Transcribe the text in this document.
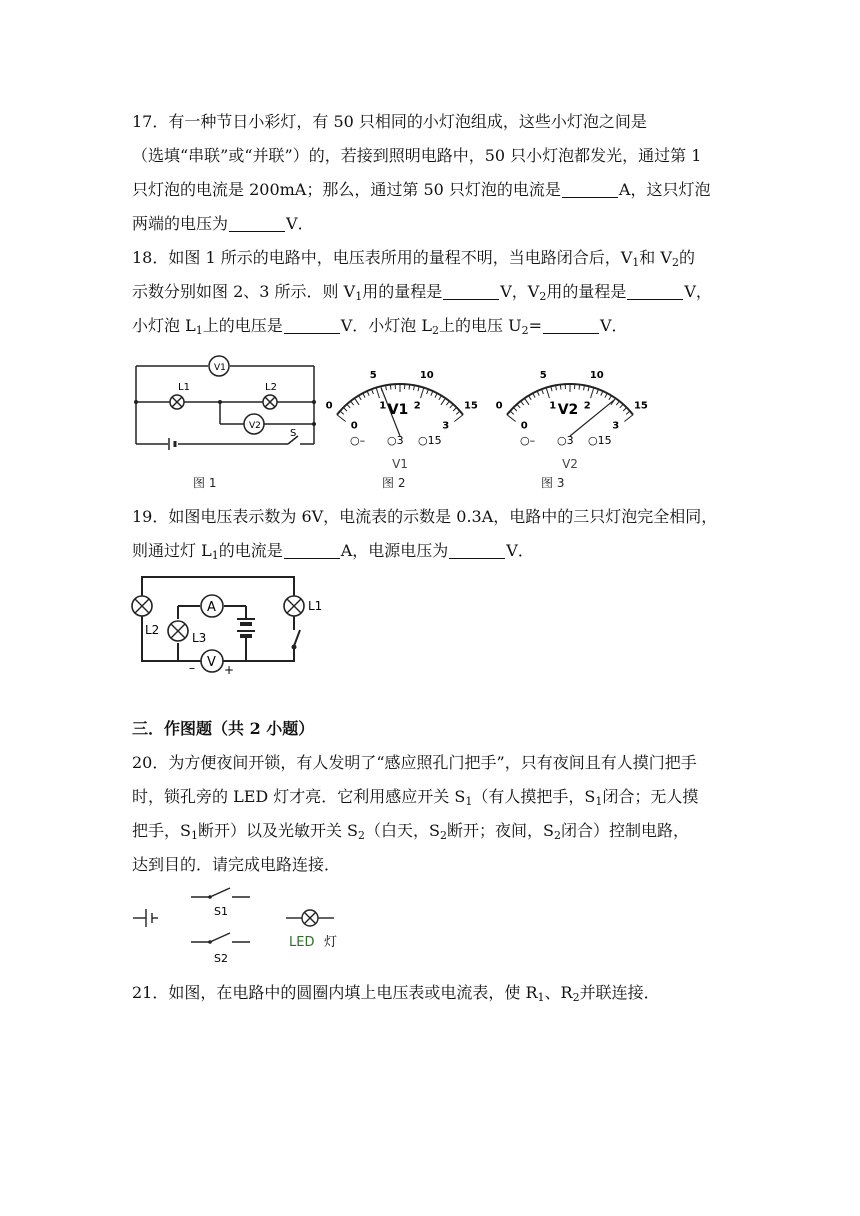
17．有一种节日小彩灯，有 50 只相同的小灯泡组成，这些小灯泡之间是
（选填“串联”或“并联”）的，若接到照明电路中，50 只小灯泡都发光，通过第 1
只灯泡的电流是 200mA；那么，通过第 50 只灯泡的电流是	A，这只灯泡
两端的电压为	V．
18．如图 1 所示的电路中，电压表所用的量程不明，当电路闭合后，$V_1$和 $V_2$的
示数分别如图 2、3 所示．则 $V_1$用的量程是	V，$V_2$用的量程是	V，
小灯泡 $L_1$上的电压是	V．小灯泡 $L_2$上的电压 $U_2=$	V．
V1
V2
L1	L2
S
0
5	10
15
0
1	2
3
V1
○– ○3 ○15
V1
0
5	10
15
0
1	2
3
V2
○– ○3 ○15
V2
图 1	图 2	图 3
19．如图电压表示数为 6V，电流表的示数是 0.3A，电路中的三只灯泡完全相同，
则通过灯 $L_1$的电流是	A，电源电压为	V．
A
V
L1
L2
L3
– +
三．作图题（共 2 小题）
20．为方便夜间开锁，有人发明了“感应照孔门把手”，只有夜间且有人摸门把手
时，锁孔旁的 LED 灯才亮．它利用感应开关 $S_1$（有人摸把手，$S_1$闭合；无人摸
把手，$S_1$断开）以及光敏开关 $S_2$（白天，$S_2$断开；夜间，$S_2$闭合）控制电路，
达到目的．请完成电路连接．
S1
S2
LED 灯
21．如图，在电路中的圆圈内填上电压表或电流表，使 $R_1$、$R_2$并联连接．
